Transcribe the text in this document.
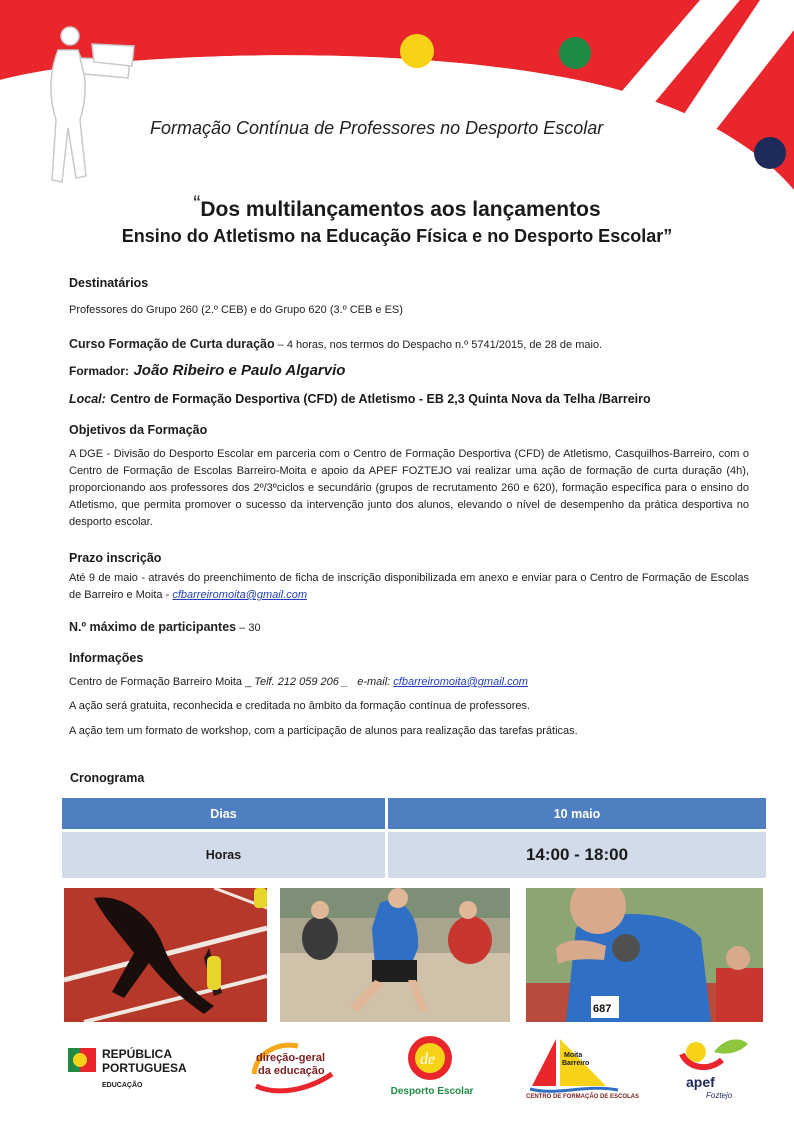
Formação Contínua de Professores no Desporto Escolar
“Dos multilançamentos aos lançamentos
Ensino do Atletismo na Educação Física e no Desporto Escolar”
Destinatários
Professores do Grupo 260 (2.º CEB) e do Grupo 620 (3.º CEB e ES)
Curso Formação de Curta duração – 4 horas, nos termos do Despacho n.º 5741/2015, de 28 de maio.
Formador: João Ribeiro e Paulo Algarvio
Local: Centro de Formação Desportiva (CFD) de Atletismo - EB 2,3 Quinta Nova da Telha /Barreiro
Objetivos da Formação
A DGE - Divisão do Desporto Escolar em parceria com o Centro de Formação Desportiva (CFD) de Atletismo, Casquilhos-Barreiro, com o Centro de Formação de Escolas Barreiro-Moita e apoio da APEF FOZTEJO vai realizar uma ação de formação de curta duração (4h), proporcionando aos professores dos 2º/3ºciclos e secundário (grupos de recrutamento 260 e 620), formação específica para o ensino do Atletismo, que permita promover o sucesso da intervenção junto dos alunos, elevando o nível de desempenho da prática desportiva no desporto escolar.
Prazo inscrição
Até 9 de maio - através do preenchimento de ficha de inscrição disponibilizada em anexo e enviar para o Centro de Formação de Escolas de Barreiro e Moita - cfbarreiromoita@gmail.com
N.º máximo de participantes – 30
Informações
Centro de Formação Barreiro Moita _ Telf. 212 059 206 _ e-mail: cfbarreiromoita@gmail.com
A ação será gratuita, reconhecida e creditada no âmbito da formação contínua de professores.
A ação tem um formato de workshop, com a participação de alunos para realização das tarefas práticas.
Cronograma
Dias	10 maio
Horas	14:00 - 18:00
687
REPÚBLICA
PORTUGUESA
EDUCAÇÃO
direção-geral
da educação
de
Desporto Escolar
Moita
Barreiro
CENTRO DE FORMAÇÃO DE ESCOLAS
apef
Foztejo
